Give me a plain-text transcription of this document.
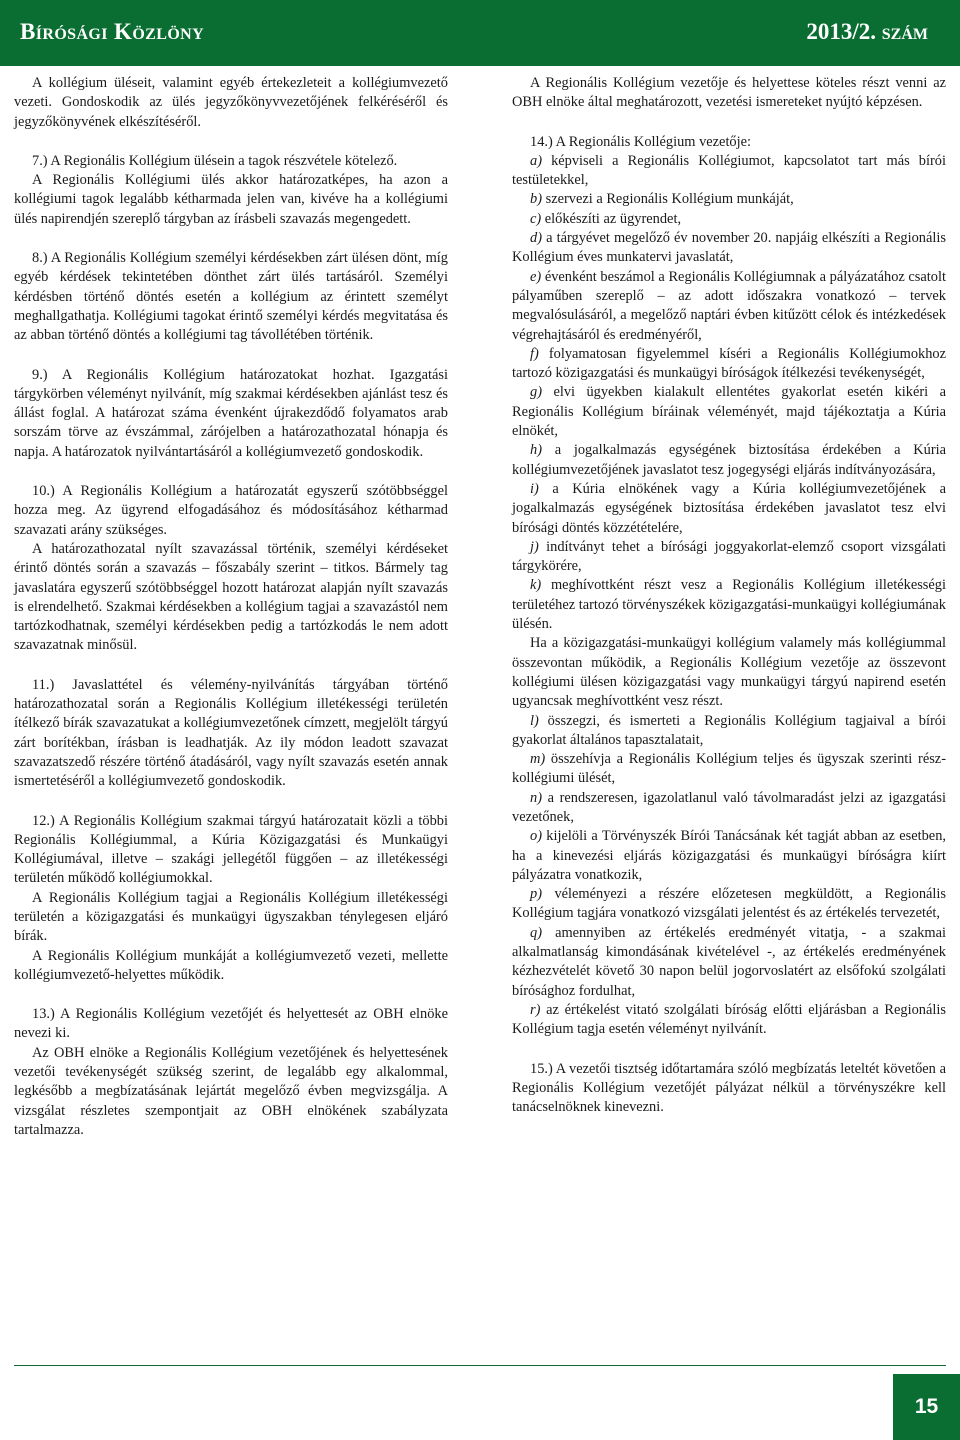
Bírósági Közlöny	2013/2. szám

A kollégium üléseit, valamint egyéb értekezleteit a kollégiumvezető vezeti. Gondoskodik az ülés jegyzőkönyvvezetőjének felkéréséről és jegyzőkönyvének elkészítéséről.

7.) A Regionális Kollégium ülésein a tagok részvétele kötelező.

A Regionális Kollégiumi ülés akkor határozatképes, ha azon a kollégiumi tagok legalább kétharmada jelen van, kivéve ha a kollégiumi ülés napirendjén szereplő tárgyban az írásbeli szavazás megengedett.

8.) A Regionális Kollégium személyi kérdésekben zárt ülésen dönt, míg egyéb kérdések tekintetében dönthet zárt ülés tartásáról. Személyi kérdésben történő döntés esetén a kollégium az érintett személyt meghallgathatja. Kollégiumi tagokat érintő személyi kérdés megvitatása és az abban történő döntés a kollégiumi tag távollétében történik.

9.) A Regionális Kollégium határozatokat hozhat. Igazgatási tárgykörben véleményt nyilvánít, míg szakmai kérdésekben ajánlást tesz és állást foglal. A határozat száma évenként újrakezdődő folyamatos arab sorszám törve az évszámmal, zárójelben a határozathozatal hónapja és napja. A határozatok nyilvántartásáról a kollégiumvezető gondoskodik.

10.) A Regionális Kollégium a határozatát egyszerű szótöbbséggel hozza meg. Az ügyrend elfogadásához és módosításához kétharmad szavazati arány szükséges.

A határozathozatal nyílt szavazással történik, személyi kérdéseket érintő döntés során a szavazás – főszabály szerint – titkos. Bármely tag javaslatára egyszerű szótöbbséggel hozott határozat alapján nyílt szavazás is elrendelhető. Szakmai kérdésekben a kollégium tagjai a szavazástól nem tartózkodhatnak, személyi kérdésekben pedig a tartózkodás le nem adott szavazatnak minősül.

11.) Javaslattétel és vélemény-nyilvánítás tárgyában történő határozathozatal során a Regionális Kollégium illetékességi területén ítélkező bírák szavazatukat a kollégiumvezetőnek címzett, megjelölt tárgyú zárt borítékban, írásban is leadhatják. Az ily módon leadott szavazat szavazatszedő részére történő átadásáról, vagy nyílt szavazás esetén annak ismertetéséről a kollégiumvezető gondoskodik.

12.) A Regionális Kollégium szakmai tárgyú határozatait közli a többi Regionális Kollégiummal, a Kúria Közigazgatási és Munkaügyi Kollégiumával, illetve – szakági jellegétől függően – az illetékességi területén működő kollégiumokkal.

A Regionális Kollégium tagjai a Regionális Kollégium illetékességi területén a közigazgatási és munkaügyi ügyszakban ténylegesen eljáró bírák.

A Regionális Kollégium munkáját a kollégiumvezető vezeti, mellette kollégiumvezető-helyettes működik.

13.) A Regionális Kollégium vezetőjét és helyettesét az OBH elnöke nevezi ki.

Az OBH elnöke a Regionális Kollégium vezetőjének és helyettesének vezetői tevékenységét szükség szerint, de legalább egy alkalommal, legkésőbb a megbízatásának lejártát megelőző évben megvizsgálja. A vizsgálat részletes szempontjait az OBH elnökének szabályzata tartalmazza.

A Regionális Kollégium vezetője és helyettese köteles részt venni az OBH elnöke által meghatározott, vezetési ismereteket nyújtó képzésen.

14.) A Regionális Kollégium vezetője:

a) képviseli a Regionális Kollégiumot, kapcsolatot tart más bírói testületekkel,

b) szervezi a Regionális Kollégium munkáját,

c) előkészíti az ügyrendet,

d) a tárgyévet megelőző év november 20. napjáig elkészíti a Regionális Kollégium éves munkatervi javaslatát,

e) évenként beszámol a Regionális Kollégiumnak a pályázatához csatolt pályaműben szereplő – az adott időszakra vonatkozó – tervek megvalósulásáról, a megelőző naptári évben kitűzött célok és intézkedések végrehajtásáról és eredményéről,

f) folyamatosan figyelemmel kíséri a Regionális Kollégiumokhoz tartozó közigazgatási és munkaügyi bíróságok ítélkezési tevékenységét,

g) elvi ügyekben kialakult ellentétes gyakorlat esetén kikéri a Regionális Kollégium bíráinak véleményét, majd tájékoztatja a Kúria elnökét,

h) a jogalkalmazás egységének biztosítása érdekében a Kúria kollégiumvezetőjének javaslatot tesz jogegységi eljárás indítványozására,

i) a Kúria elnökének vagy a Kúria kollégiumvezetőjének a jogalkalmazás egységének biztosítása érdekében javaslatot tesz elvi bírósági döntés közzétételére,

j) indítványt tehet a bírósági joggyakorlat-elemző csoport vizsgálati tárgykörére,

k) meghívottként részt vesz a Regionális Kollégium illetékességi területéhez tartozó törvényszékek közigazgatási-munkaügyi kollégiumának ülésén.

Ha a közigazgatási-munkaügyi kollégium valamely más kollégiummal összevontan működik, a Regionális Kollégium vezetője az összevont kollégiumi ülésen közigazgatási vagy munkaügyi tárgyú napirend esetén ugyancsak meghívottként vesz részt.

l) összegzi, és ismerteti a Regionális Kollégium tagjaival a bírói gyakorlat általános tapasztalatait,

m) összehívja a Regionális Kollégium teljes és ügyszak szerinti rész-kollégiumi ülését,

n) a rendszeresen, igazolatlanul való távolmaradást jelzi az igazgatási vezetőnek,

o) kijelöli a Törvényszék Bírói Tanácsának két tagját abban az esetben, ha a kinevezési eljárás közigazgatási és munkaügyi bíróságra kiírt pályázatra vonatkozik,

p) véleményezi a részére előzetesen megküldött, a Regionális Kollégium tagjára vonatkozó vizsgálati jelentést és az értékelés tervezetét,

q) amennyiben az értékelés eredményét vitatja, - a szakmai alkalmatlanság kimondásának kivételével -, az értékelés eredményének kézhezvételét követő 30 napon belül jogorvoslatért az elsőfokú szolgálati bírósághoz fordulhat,

r) az értékelést vitató szolgálati bíróság előtti eljárásban a Regionális Kollégium tagja esetén véleményt nyilvánít.

15.) A vezetői tisztség időtartamára szóló megbízatás leteltét követően a Regionális Kollégium vezetőjét pályázat nélkül a törvényszékre kell tanácselnöknek kinevezni.

15
